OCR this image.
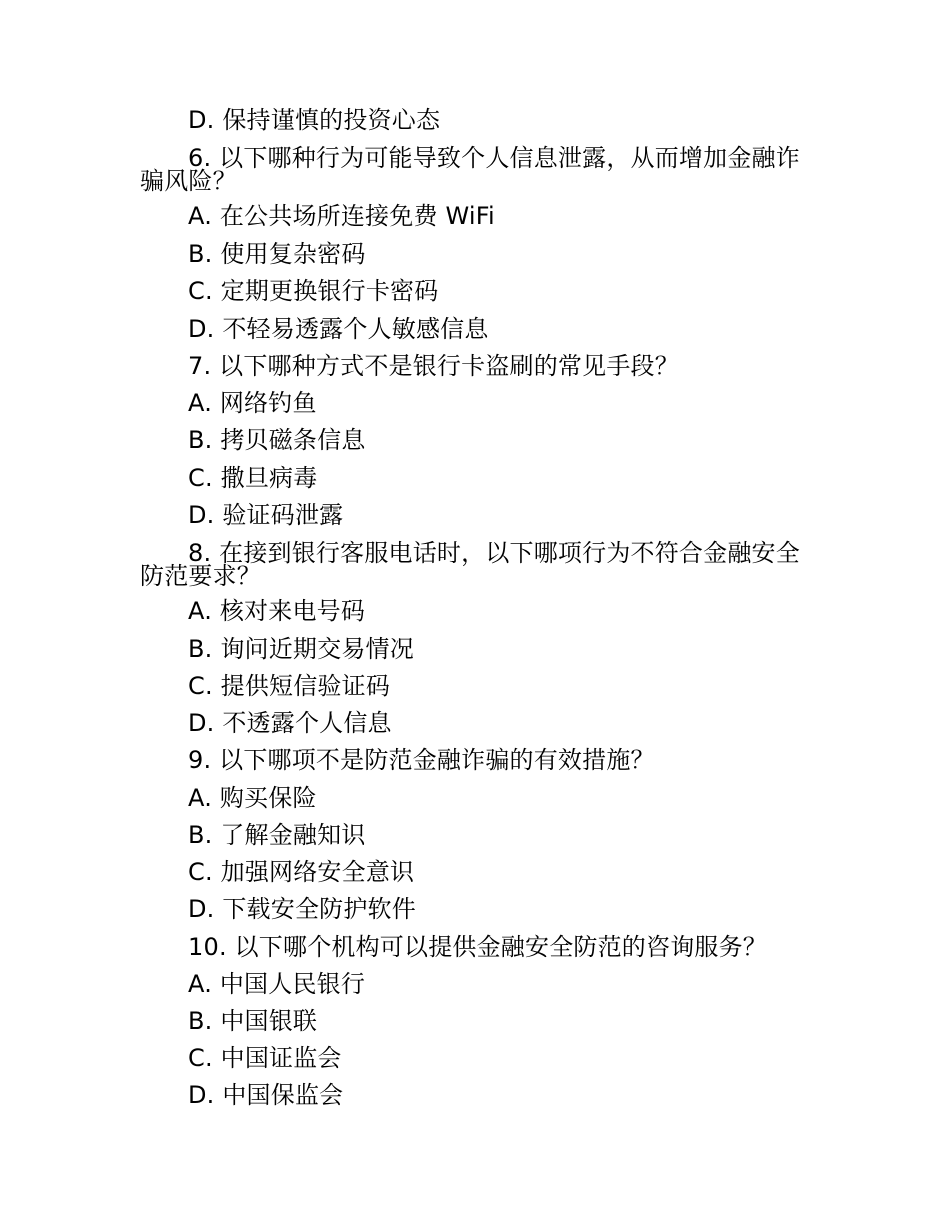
D. 保持谨慎的投资心态
6. 以下哪种行为可能导致个人信息泄露，从而增加金融诈
骗风险？
A. 在公共场所连接免费 WiFi
B. 使用复杂密码
C. 定期更换银行卡密码
D. 不轻易透露个人敏感信息
7. 以下哪种方式不是银行卡盗刷的常见手段？
A. 网络钓鱼
B. 拷贝磁条信息
C. 撒旦病毒
D. 验证码泄露
8. 在接到银行客服电话时，以下哪项行为不符合金融安全
防范要求？
A. 核对来电号码
B. 询问近期交易情况
C. 提供短信验证码
D. 不透露个人信息
9. 以下哪项不是防范金融诈骗的有效措施？
A. 购买保险
B. 了解金融知识
C. 加强网络安全意识
D. 下载安全防护软件
10. 以下哪个机构可以提供金融安全防范的咨询服务？
A. 中国人民银行
B. 中国银联
C. 中国证监会
D. 中国保监会
